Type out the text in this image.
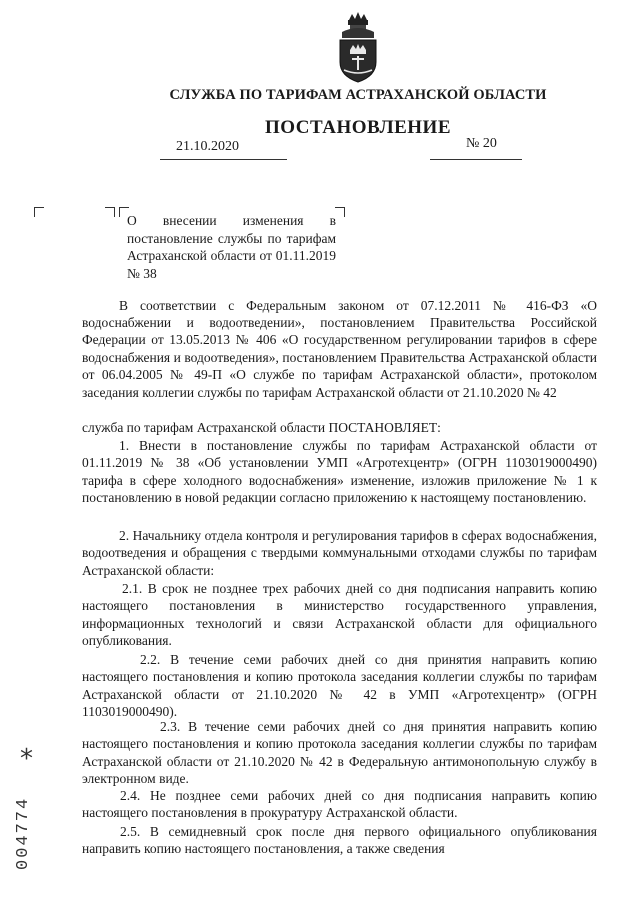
СЛУЖБА ПО ТАРИФАМ АСТРАХАНСКОЙ ОБЛАСТИ
ПОСТАНОВЛЕНИЕ
21.10.2020	№ 20
О внесении изменения в постановление службы по тарифам Астраханской области от 01.11.2019 № 38
В соответствии с Федеральным законом от 07.12.2011 № 416-ФЗ «О
водоснабжении и водоотведении», постановлением Правительства Российской Федерации от 13.05.2013 № 406 «О государственном регулировании тарифов в сфере водоснабжения и водоотведения», постановлением Правительства Астраханской области от 06.04.2005 № 49-П «О службе по тарифам Астраханской области», протоколом заседания коллегии службы по тарифам Астраханской области от 21.10.2020 № 42
служба по тарифам Астраханской области ПОСТАНОВЛЯЕТ:
1. Внести в постановление службы по тарифам Астраханской области от 01.11.2019 № 38 «Об установлении УМП «Агротехцентр» (ОГРН 1103019000490) тарифа в сфере холодного водоснабжения» изменение, изложив приложение № 1 к постановлению в новой редакции согласно приложению к настоящему постановлению.
2. Начальнику отдела контроля и регулирования тарифов в сферах водоснабжения, водоотведения и обращения с твердыми коммунальными отходами службы по тарифам Астраханской области:
2.1. В срок не позднее трех рабочих дней со дня подписания направить копию настоящего постановления в министерство государственного управления, информационных технологий и связи Астраханской области для официального опубликования.
2.2. В течение семи рабочих дней со дня принятия направить копию настоящего постановления и копию протокола заседания коллегии службы по тарифам Астраханской области от 21.10.2020 № 42 в УМП «Агротехцентр» (ОГРН 1103019000490).
2.3. В течение семи рабочих дней со дня принятия направить копию настоящего постановления и копию протокола заседания коллегии службы по тарифам Астраханской области от 21.10.2020 № 42 в Федеральную антимонопольную службу в электронном виде.
2.4. Не позднее семи рабочих дней со дня подписания направить копию настоящего постановления в прокуратуру Астраханской области.
2.5. В семидневный срок после дня первого официального опубликования направить копию настоящего постановления, а также сведения
004774
*
